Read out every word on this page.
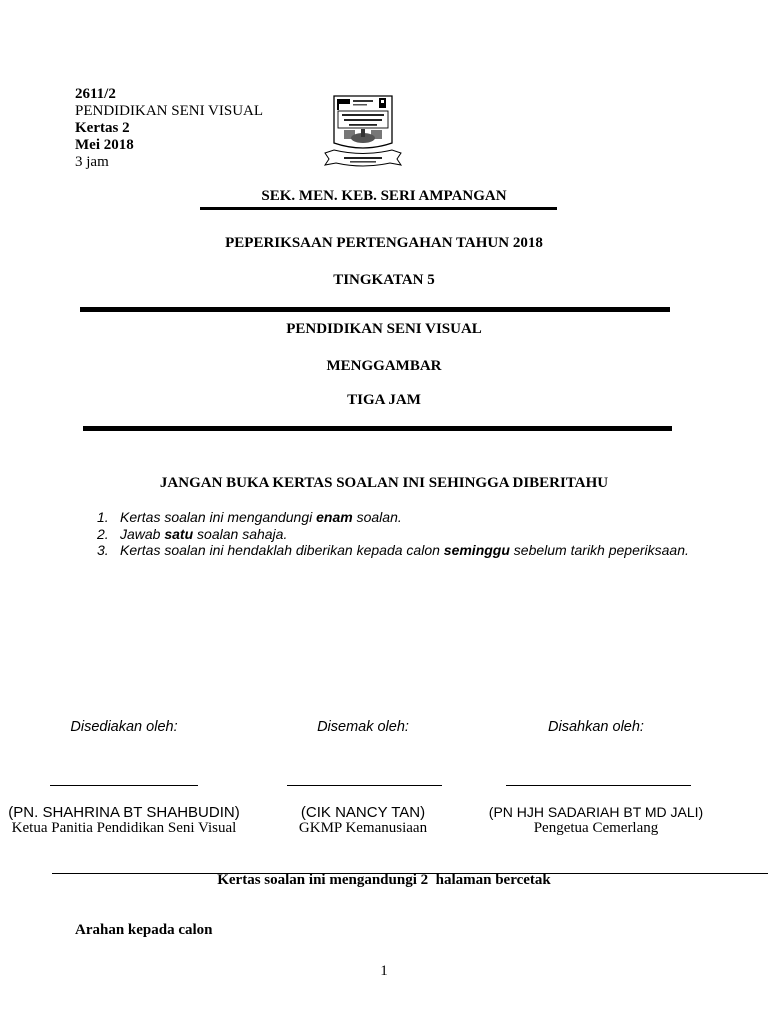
2611/2
PENDIDIKAN SENI VISUAL
Kertas 2
Mei 2018
3 jam
SEK. MEN. KEB. SERI AMPANGAN
PEPERIKSAAN PERTENGAHAN TAHUN 2018
TINGKATAN 5
PENDIDIKAN SENI VISUAL
MENGGAMBAR
TIGA JAM
JANGAN BUKA KERTAS SOALAN INI SEHINGGA DIBERITAHU
1. Kertas soalan ini mengandungi enam soalan.
2. Jawab satu soalan sahaja.
3. Kertas soalan ini hendaklah diberikan kepada calon seminggu sebelum tarikh peperiksaan.
Disediakan oleh:
(PN. SHAHRINA BT SHAHBUDIN)
Ketua Panitia Pendidikan Seni Visual
Disemak oleh:
(CIK NANCY TAN)
GKMP Kemanusiaan
Disahkan oleh:
(PN HJH SADARIAH BT MD JALI)
Pengetua Cemerlang
Kertas soalan ini mengandungi 2  halaman bercetak
Arahan kepada calon
1
